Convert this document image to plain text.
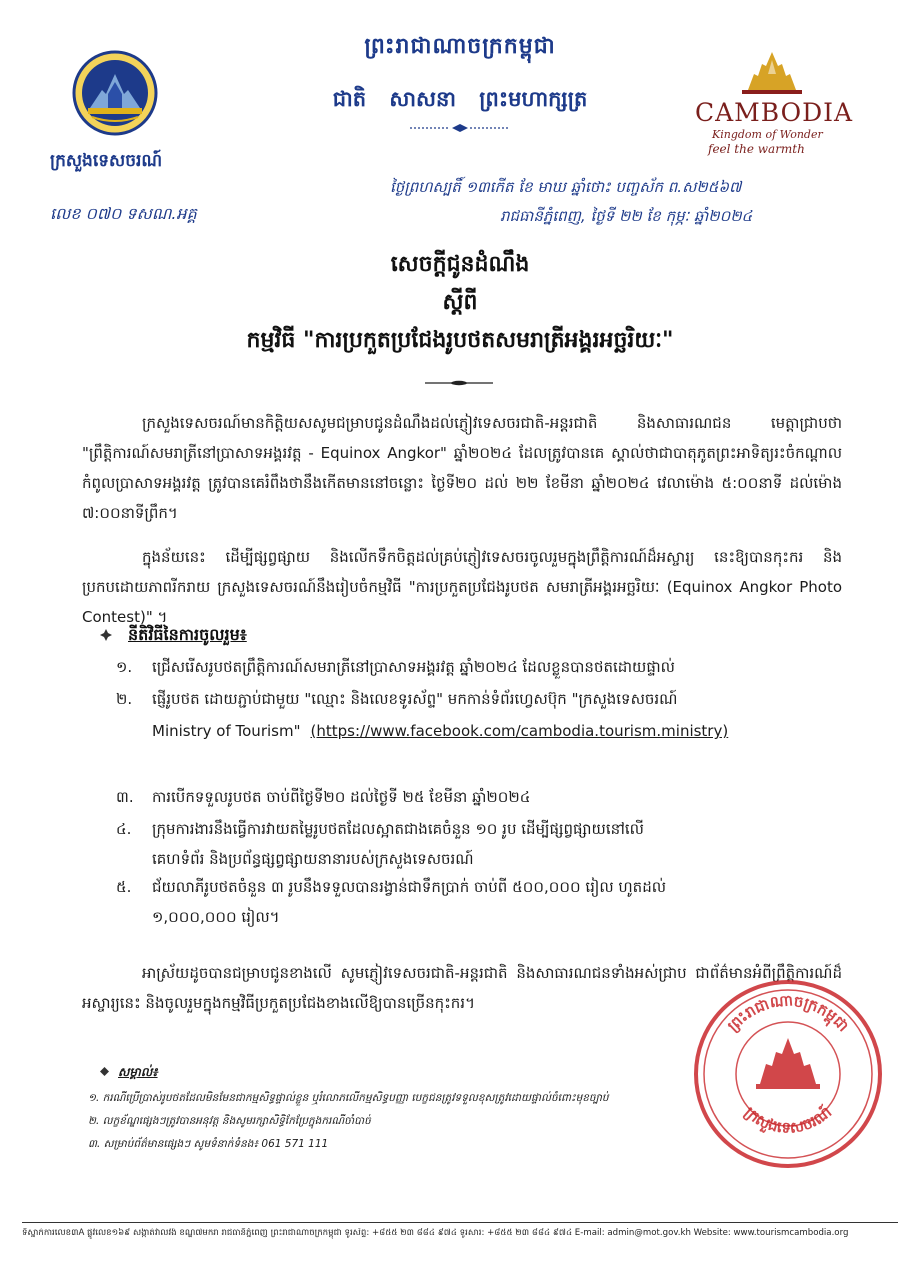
ព្រះរាជាណាចក្រកម្ពុជា
ជាតិ សាសនា ព្រះមហាក្សត្រ	CAMBODIA
Kingdom of Wonder
feel the warmth
ក្រសួងទេសចរណ៍
លេខ ០៧០ ទសណ.អគ្គ
ថ្ងៃព្រហស្បតិ៍ ១៣កើត ខែ មាឃ ឆ្នាំថោះ បញ្ចស័ក ព.ស២៥៦៧
រាជធានីភ្នំពេញ, ថ្ងៃទី ២២ ខែ កុម្ភៈ ឆ្នាំ២០២៤
សេចក្តីជូនដំណឹង
ស្តីពី
កម្មវិធី "ការប្រកួតប្រជែងរូបថតសមរាត្រីអង្គរអច្ឆរិយៈ"
ក្រសួងទេសចរណ៍មានកិត្តិយសសូមជម្រាបជូនដំណឹងដល់ភ្ញៀវទេសចរជាតិ-អន្តរជាតិ និងសាធារណជន មេត្តាជ្រាបថា "ព្រឹត្តិការណ៍សមរាត្រីនៅប្រាសាទអង្គរវត្ត - Equinox Angkor" ឆ្នាំ២០២៤ ដែលត្រូវបានគេ ស្គាល់ថាជាបាតុភូតព្រះអាទិត្យរះចំកណ្តាលកំពូលប្រាសាទអង្គរវត្ត ត្រូវបានគេរំពឹងថានឹងកើតមាននៅចន្លោះ ថ្ងៃទី២០ ដល់ ២២ ខែមីនា ឆ្នាំ២០២៤ វេលាម៉ោង ៥:០០នាទី ដល់ម៉ោង ៧:០០នាទីព្រឹក។
ក្នុងន័យនេះ ដើម្បីផ្សព្វផ្សាយ និងលើកទឹកចិត្តដល់គ្រប់ភ្ញៀវទេសចរចូលរួមក្នុងព្រឹត្តិការណ៍ដ៏អស្ចារ្យ នេះឱ្យបានកុះករ និងប្រកបដោយភាពរីករាយ ក្រសួងទេសចរណ៍នឹងរៀបចំកម្មវិធី "ការប្រកួតប្រជែងរូបថត សមរាត្រីអង្គរអច្ឆរិយៈ (Equinox Angkor Photo Contest)" ។
នីតិវិធីនៃការចូលរួម៖
១. ជ្រើសរើសរូបថតព្រឹត្តិការណ៍សមរាត្រីនៅប្រាសាទអង្គរវត្ត ឆ្នាំ២០២៤ ដែលខ្លួនបានថតដោយផ្ទាល់
២. ផ្ញើរូបថត ដោយភ្ជាប់ជាមួយ "ឈ្មោះ និងលេខទូរស័ព្ទ" មកកាន់ទំព័រហ្វេសប៊ុក "ក្រសួងទេសចរណ៍
Ministry of Tourism" (https://www.facebook.com/cambodia.tourism.ministry)
៣. ការបើកទទួលរូបថត ចាប់ពីថ្ងៃទី២០ ដល់ថ្ងៃទី ២៥ ខែមីនា ឆ្នាំ២០២៤
៤. ក្រុមការងារនឹងធ្វើការវាយតម្លៃរូបថតដែលស្អាតជាងគេចំនួន ១០ រូប ដើម្បីផ្សព្វផ្សាយនៅលើ
គេហទំព័រ និងប្រព័ន្ធផ្សព្វផ្សាយនានារបស់ក្រសួងទេសចរណ៍
៥. ជ័យលាភីរូបថតចំនួន ៣ រូបនឹងទទួលបានរង្វាន់ជាទឹកប្រាក់ ចាប់ពី ៥០០,០០០ រៀល ហូតដល់
១,០០០,០០០ រៀល។
អាស្រ័យដូចបានជម្រាបជូនខាងលើ សូមភ្ញៀវទេសចរជាតិ-អន្តរជាតិ និងសាធារណជនទាំងអស់ជ្រាប ជាព័ត៌មានអំពីព្រឹត្តិការណ៍ដ៏អស្ចារ្យនេះ និងចូលរួមក្នុងកម្មវិធីប្រកួតប្រជែងខាងលើឱ្យបានច្រើនកុះករ។
ព្រះរាជាណាចក្រកម្ពុជា
ក្រសួងទេសចរណ៍
សម្គាល់៖
១. ករណីប្រើប្រាស់រូបថតដែលមិនមែនជាកម្មសិទ្ធផ្ទាល់ខ្លួន ឬរំលោភលើកម្មសិទ្ធបញ្ញា បេក្ខជនត្រូវទទួលខុសត្រូវដោយផ្ទាល់ចំពោះមុខច្បាប់
២. លក្ខខ័ណ្ឌផ្សេងៗត្រូវបានអនុវត្ត និងសូមរក្សាសិទ្ធិកែប្រែក្នុងករណីចាំបាច់
៣. សម្រាប់ព័ត៌មានផ្សេងៗ សូមទំនាក់ទំនង៖ 061 571 111
ទីស្នាក់ការលេខ៣A ផ្លូវលេខ១៦៩ សង្កាត់វាលវង់ ខណ្ឌ៧មករា រាជធានីភ្នំពេញ ព្រះរាជាណាចក្រកម្ពុជា ទូរស័ព្ទ: +៨៥៥ ២៣ ៨៨៤ ៩៧៤ ទូរសារ: +៨៥៥ ២៣ ៨៨៤ ៩៧៤ E-mail: admin@mot.gov.kh Website: www.tourismcambodia.org
